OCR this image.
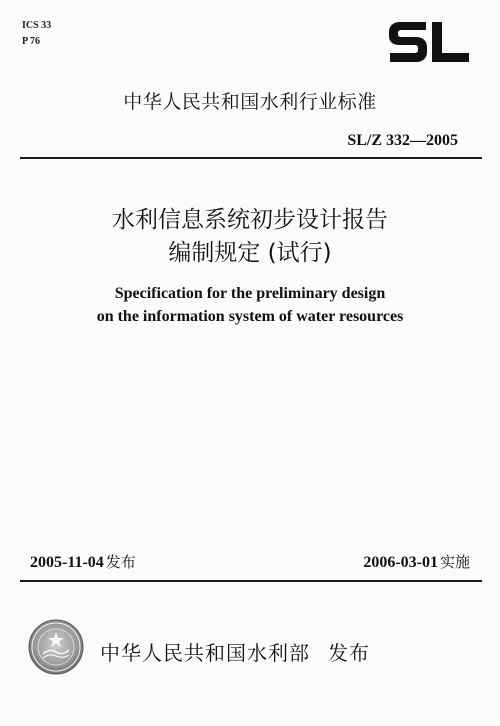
ICS 33
P 76
中华人民共和国水利行业标准
SL/Z 332—2005
水利信息系统初步设计报告
编制规定 (试行)
Specification for the preliminary design
on the information system of water resources
2005-11-04 发布	2006-03-01 实施
中华人民共和国水利部 发布
